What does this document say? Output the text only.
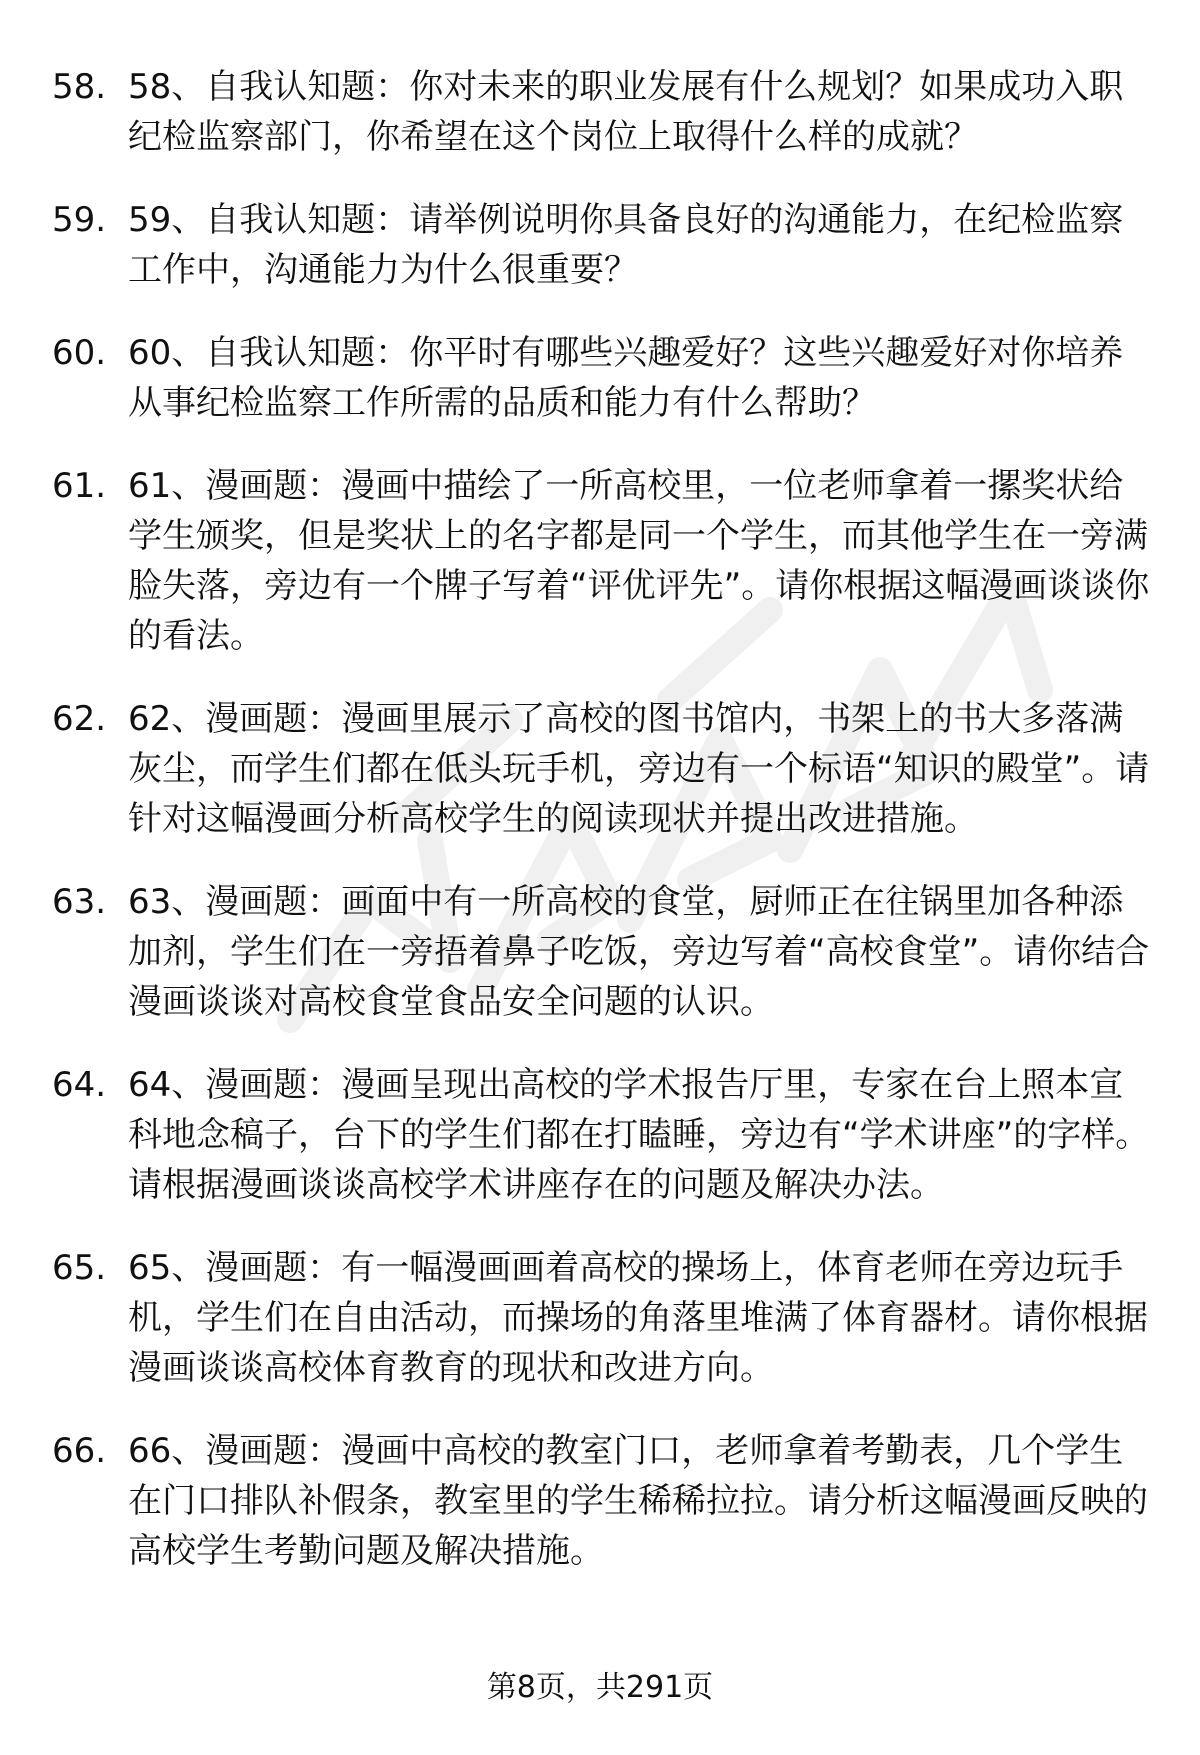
58. 58、自我认知题：你对未来的职业发展有什么规划？如果成功入职纪检监察部门，你希望在这个岗位上取得什么样的成就？
59. 59、自我认知题：请举例说明你具备良好的沟通能力，在纪检监察工作中，沟通能力为什么很重要？
60. 60、自我认知题：你平时有哪些兴趣爱好？这些兴趣爱好对你培养从事纪检监察工作所需的品质和能力有什么帮助？
61. 61、漫画题：漫画中描绘了一所高校里，一位老师拿着一摞奖状给学生颁奖，但是奖状上的名字都是同一个学生，而其他学生在一旁满脸失落，旁边有一个牌子写着“评优评先”。请你根据这幅漫画谈谈你的看法。
62. 62、漫画题：漫画里展示了高校的图书馆内，书架上的书大多落满灰尘，而学生们都在低头玩手机，旁边有一个标语“知识的殿堂”。请针对这幅漫画分析高校学生的阅读现状并提出改进措施。
63. 63、漫画题：画面中有一所高校的食堂，厨师正在往锅里加各种添加剂，学生们在一旁捂着鼻子吃饭，旁边写着“高校食堂”。请你结合漫画谈谈对高校食堂食品安全问题的认识。
64. 64、漫画题：漫画呈现出高校的学术报告厅里，专家在台上照本宣科地念稿子，台下的学生们都在打瞌睡，旁边有“学术讲座”的字样。请根据漫画谈谈高校学术讲座存在的问题及解决办法。
65. 65、漫画题：有一幅漫画画着高校的操场上，体育老师在旁边玩手机，学生们在自由活动，而操场的角落里堆满了体育器材。请你根据漫画谈谈高校体育教育的现状和改进方向。
66. 66、漫画题：漫画中高校的教室门口，老师拿着考勤表，几个学生在门口排队补假条，教室里的学生稀稀拉拉。请分析这幅漫画反映的高校学生考勤问题及解决措施。
第8页，共291页
